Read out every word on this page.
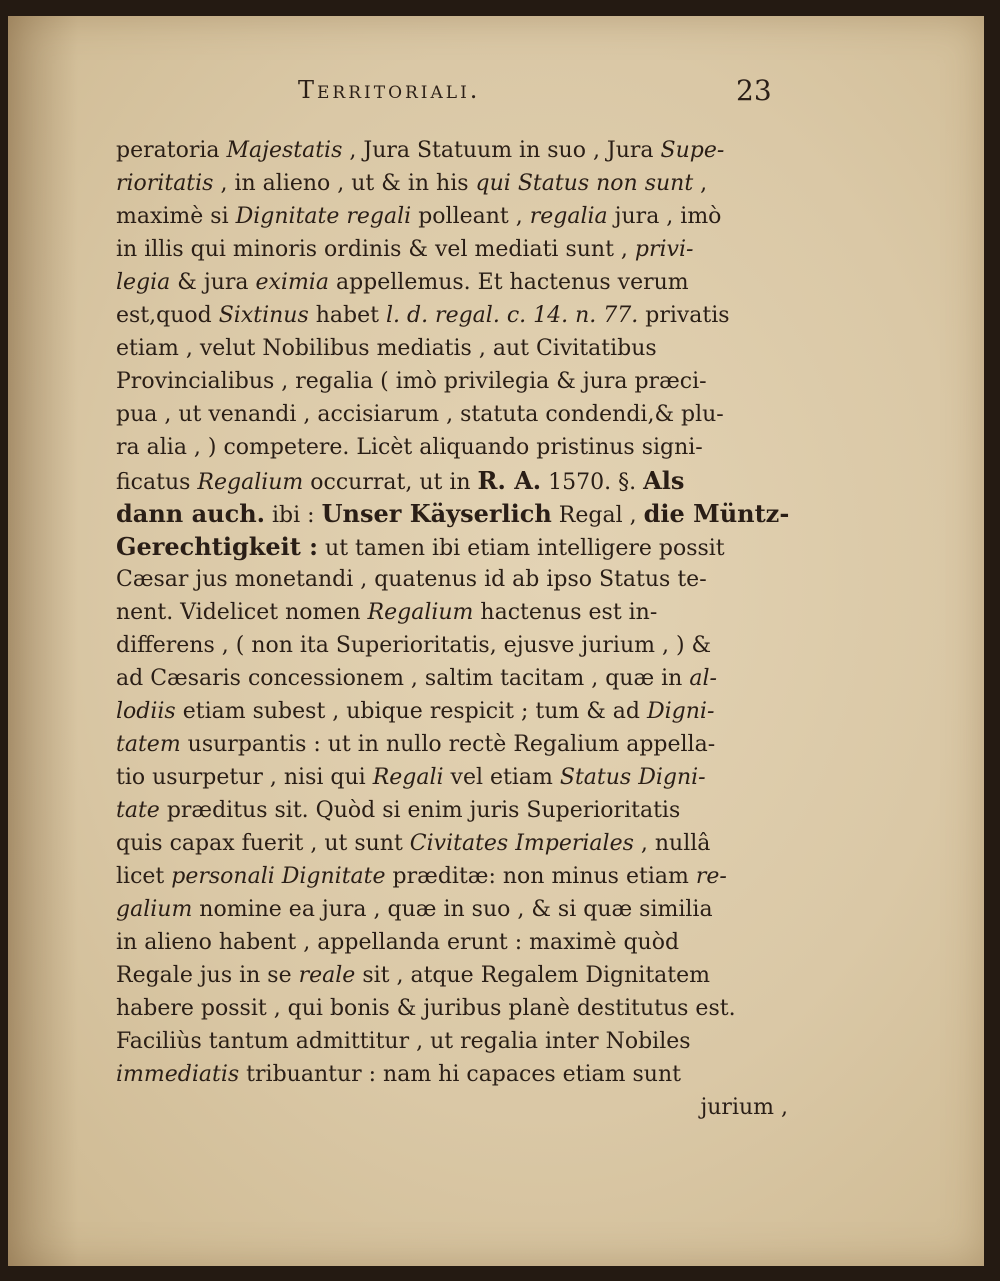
Territoriali.	23
peratoria Majestatis , Jura Statuum in suo , Jura Supe-
rioritatis , in alieno , ut & in his qui Status non sunt ,
maximè si Dignitate regali polleant , regalia jura , imò
in illis qui minoris ordinis & vel mediati sunt , privi-
legia & jura eximia appellemus. Et hactenus verum
est,quod Sixtinus habet l. d. regal. c. 14. n. 77. privatis
etiam , velut Nobilibus mediatis , aut Civitatibus
Provincialibus , regalia ( imò privilegia & jura præci-
pua , ut venandi , accisiarum , statuta condendi,& plu-
ra alia , ) competere. Licèt aliquando pristinus signi-
ficatus Regalium occurrat, ut in R. A. 1570. §. Als
dann auch. ibi : Unser Käyserlich Regal , die Müntz-
Gerechtigkeit : ut tamen ibi etiam intelligere possit
Cæsar jus monetandi , quatenus id ab ipso Status te-
nent. Videlicet nomen Regalium hactenus est in-
differens , ( non ita Superioritatis, ejusve jurium , ) &
ad Cæsaris concessionem , saltim tacitam , quæ in al-
lodiis etiam subest , ubique respicit ; tum & ad Digni-
tatem usurpantis : ut in nullo rectè Regalium appella-
tio usurpetur , nisi qui Regali vel etiam Status Digni-
tate præditus sit. Quòd si enim juris Superioritatis
quis capax fuerit , ut sunt Civitates Imperiales , nullâ
licet personali Dignitate præditæ: non minus etiam re-
galium nomine ea jura , quæ in suo , & si quæ similia
in alieno habent , appellanda erunt : maximè quòd
Regale jus in se reale sit , atque Regalem Dignitatem
habere possit , qui bonis & juribus planè destitutus est.
Faciliùs tantum admittitur , ut regalia inter Nobiles
immediatis tribuantur : nam hi capaces etiam sunt
jurium ,
